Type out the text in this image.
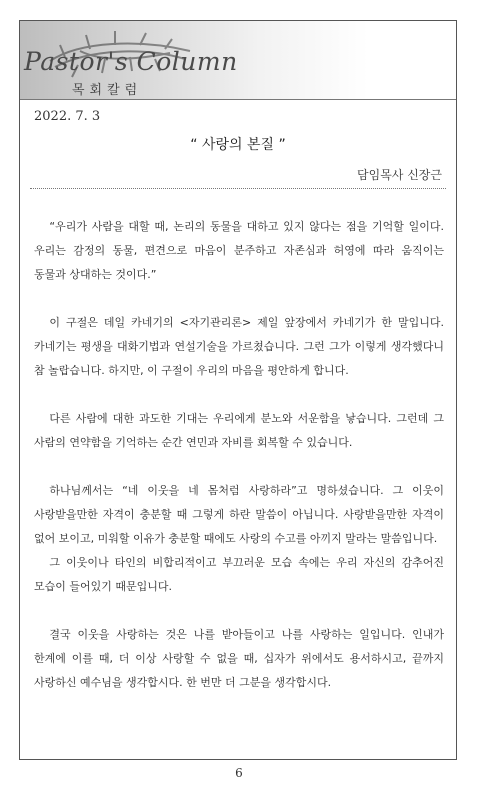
Pastor's Column
목회칼럼
2022. 7. 3
“ 사랑의 본질 ”
담임목사 신장근

“우리가 사람을 대할 때, 논리의 동물을 대하고 있지 않다는 점을 기억할 일이다. 우리는 감정의 동물, 편견으로 마음이 분주하고 자존심과 허영에 따라 움직이는 동물과 상대하는 것이다.”

이 구절은 데일 카네기의 <자기관리론> 제일 앞장에서 카네기가 한 말입니다. 카네기는 평생을 대화기법과 연설기술을 가르쳤습니다. 그런 그가 이렇게 생각했다니 참 놀랍습니다. 하지만, 이 구절이 우리의 마음을 평안하게 합니다.

다른 사람에 대한 과도한 기대는 우리에게 분노와 서운함을 낳습니다. 그런데 그 사람의 연약함을 기억하는 순간 연민과 자비를 회복할 수 있습니다.

하나님께서는 “네 이웃을 네 몸처럼 사랑하라”고 명하셨습니다. 그 이웃이 사랑받을만한 자격이 충분할 때 그렇게 하란 말씀이 아닙니다. 사랑받을만한 자격이 없어 보이고, 미워할 이유가 충분할 때에도 사랑의 수고를 아끼지 말라는 말씀입니다.

그 이웃이나 타인의 비합리적이고 부끄러운 모습 속에는 우리 자신의 감추어진 모습이 들어있기 때문입니다.

결국 이웃을 사랑하는 것은 나를 받아들이고 나를 사랑하는 일입니다. 인내가 한계에 이를 때, 더 이상 사랑할 수 없을 때, 십자가 위에서도 용서하시고, 끝까지 사랑하신 예수님을 생각합시다. 한 번만 더 그분을 생각합시다.

6
